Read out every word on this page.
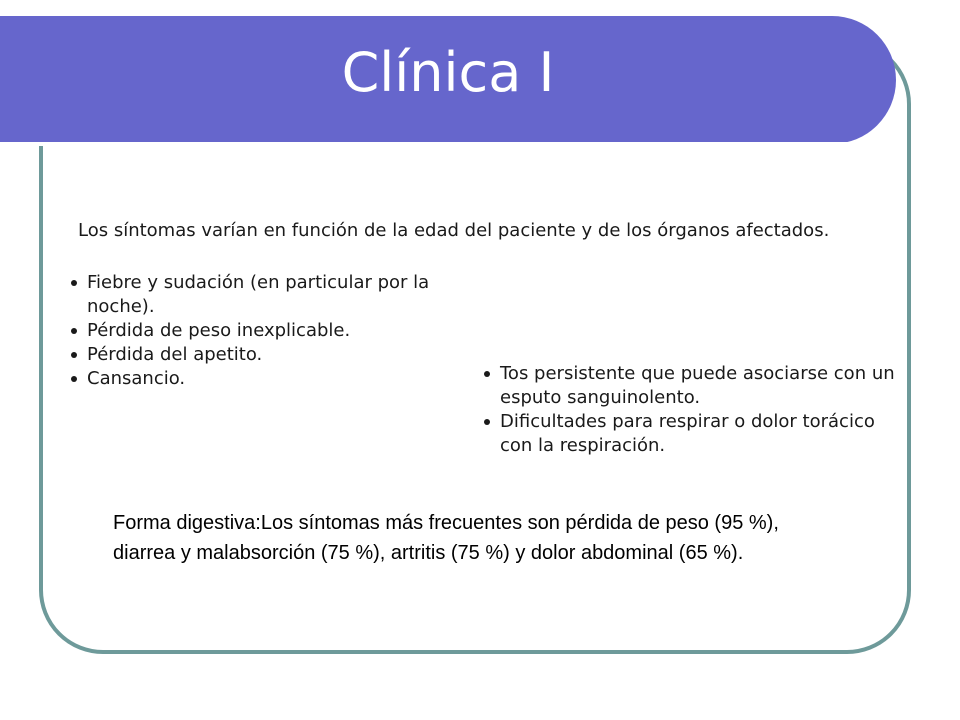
Clínica I
Los síntomas varían en función de la edad del paciente y de los órganos afectados.
Fiebre y sudación (en particular por la noche).
Pérdida de peso inexplicable.
Pérdida del apetito.
Cansancio.	Tos persistente que puede asociarse con un esputo sanguinolento.
Dificultades para respirar o dolor torácico con la respiración.
Forma digestiva:Los síntomas más frecuentes son pérdida de peso (95 %), diarrea y malabsorción (75 %), artritis (75 %) y dolor abdominal (65 %).
